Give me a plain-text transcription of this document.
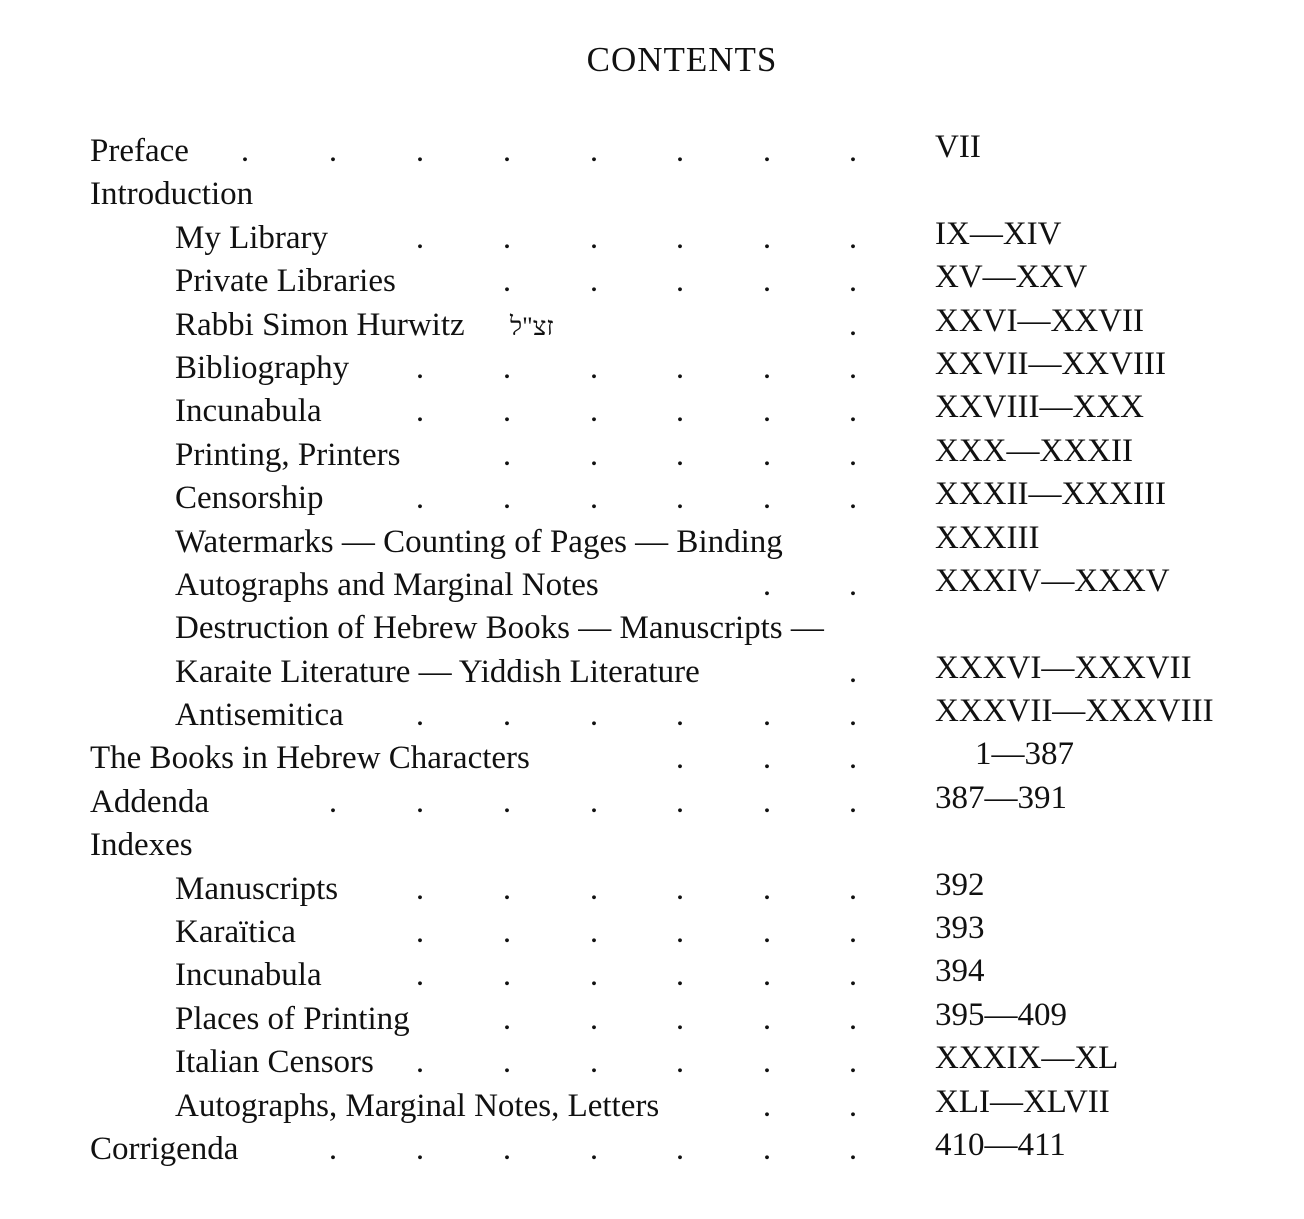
CONTENTS
Preface . . . . . . . . VII
Introduction
My Library	. . . . . . IX—XIV
Private Libraries	. . . . . XV—XXV
Rabbi Simon Hurwitz זצ"ל	. XXVI—XXVII
Bibliography . . . . . . XXVII—XXVIII
Incunabula	. . . . . . XXVIII—XXX
Printing, Printers	. . . . . XXX—XXXII
Censorship	. . . . . . XXXII—XXXIII
Watermarks — Counting of Pages — Binding	XXXIII
Autographs and Marginal Notes	. . XXXIV—XXXV
Destruction of Hebrew Books — Manuscripts —
Karaite Literature — Yiddish Literature	. XXXVI—XXXVII
Antisemitica . . . . . . XXXVII—XXXVIII
The Books in Hebrew Characters	. . .	1—387
Addenda	. . . . . . . 387—391
Indexes
Manuscripts . . . . . . 392
Karaïtica	. . . . . . 393
Incunabula	. . . . . . 394
Places of Printing	. . . . . 395—409
Italian Censors . . . . . . XXXIX—XL
Autographs, Marginal Notes, Letters	. . XLI—XLVII
Corrigenda	. . . . . . . 410—411
